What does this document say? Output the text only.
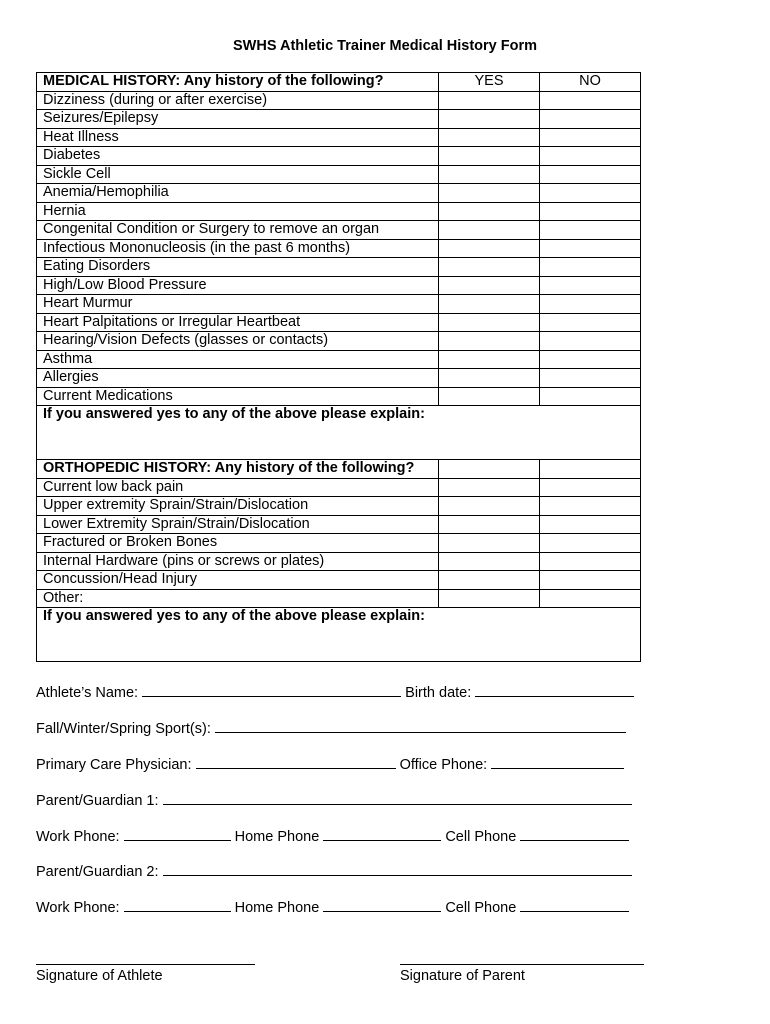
SWHS Athletic Trainer Medical History Form
MEDICAL HISTORY: Any history of the following?	YES	NO
Dizziness (during or after exercise)		
Seizures/Epilepsy		
Heat Illness		
Diabetes		
Sickle Cell		
Anemia/Hemophilia		
Hernia		
Congenital Condition or Surgery to remove an organ		
Infectious Mononucleosis (in the past 6 months)		
Eating Disorders		
High/Low Blood Pressure		
Heart Murmur		
Heart Palpitations or Irregular Heartbeat		
Hearing/Vision Defects (glasses or contacts)		
Asthma		
Allergies		
Current Medications		
If you answered yes to any of the above please explain:		
ORTHOPEDIC HISTORY: Any history of the following?		
Current low back pain		
Upper extremity Sprain/Strain/Dislocation		
Lower Extremity Sprain/Strain/Dislocation		
Fractured or Broken Bones		
Internal Hardware (pins or screws or plates)		
Concussion/Head Injury		
Other:		
If you answered yes to any of the above please explain:		
Athlete’s Name:	Birth date:
Fall/Winter/Spring Sport(s):
Primary Care Physician:	Office Phone:
Parent/Guardian 1:
Work Phone:	Home Phone	Cell Phone
Parent/Guardian 2:
Work Phone:	Home Phone	Cell Phone
Signature of Athlete	Signature of Parent
